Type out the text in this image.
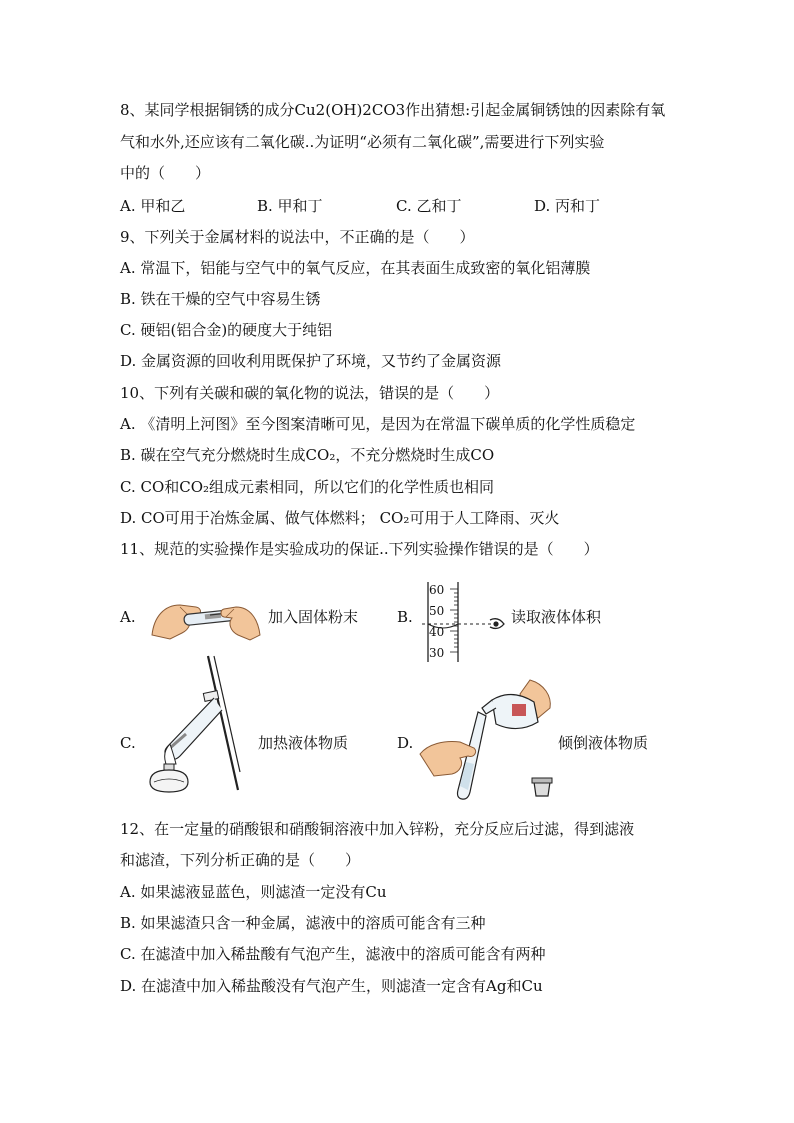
8、某同学根据铜锈的成分Cu2(OH)2CO3作出猜想:引起金属铜锈蚀的因素除有氧
气和水外,还应该有二氧化碳..为证明“必须有二氧化碳”,需要进行下列实验
中的（　　）
A. 甲和乙	B. 甲和丁	C. 乙和丁	D. 丙和丁
9、下列关于金属材料的说法中，不正确的是（　　）
A. 常温下，铝能与空气中的氧气反应，在其表面生成致密的氧化铝薄膜
B. 铁在干燥的空气中容易生锈
C. 硬铝(铝合金)的硬度大于纯铝
D. 金属资源的回收利用既保护了环境，又节约了金属资源
10、下列有关碳和碳的氧化物的说法，错误的是（　　）
A. 《清明上河图》至今图案清晰可见，是因为在常温下碳单质的化学性质稳定
B. 碳在空气充分燃烧时生成CO₂，不充分燃烧时生成CO
C. CO和CO₂组成元素相同，所以它们的化学性质也相同
D. CO可用于冶炼金属、做气体燃料； CO₂可用于人工降雨、灭火
11、规范的实验操作是实验成功的保证..下列实验操作错误的是（　　）
A.	加入固体粉末	B.
60
50
40
30
读取液体体积
C.	加热液体物质	D.	倾倒液体物质
12、在一定量的硝酸银和硝酸铜溶液中加入锌粉，充分反应后过滤，得到滤液
和滤渣，下列分析正确的是（　　）
A. 如果滤液显蓝色，则滤渣一定没有Cu
B. 如果滤渣只含一种金属，滤液中的溶质可能含有三种
C. 在滤渣中加入稀盐酸有气泡产生，滤液中的溶质可能含有两种
D. 在滤渣中加入稀盐酸没有气泡产生，则滤渣一定含有Ag和Cu
